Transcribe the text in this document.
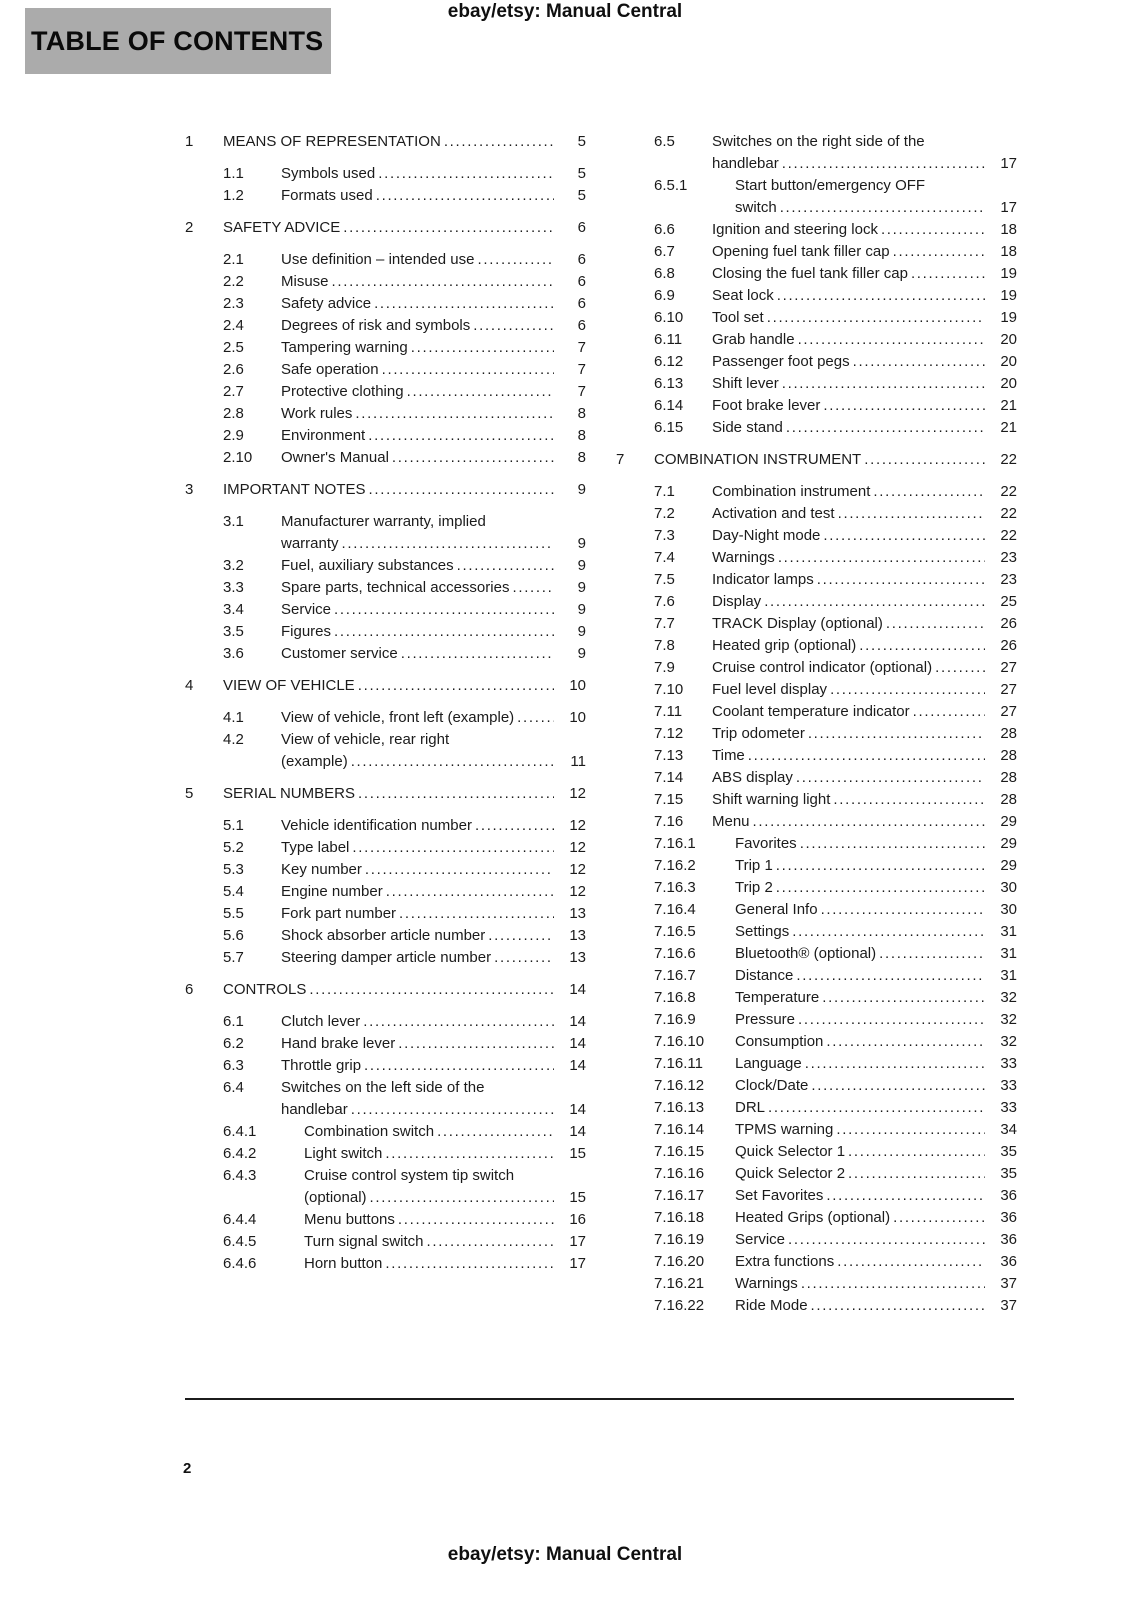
ebay/etsy: Manual Central
TABLE OF CONTENTS
1	MEANS OF REPRESENTATION .....	5
1.1	Symbols used .....	5
1.2	Formats used .....	5
2	SAFETY ADVICE .....	6
2.1	Use definition – intended use .....	6
2.2	Misuse .....	6
2.3	Safety advice .....	6
2.4	Degrees of risk and symbols .....	6
2.5	Tampering warning .....	7
2.6	Safe operation .....	7
2.7	Protective clothing .....	7
2.8	Work rules .....	8
2.9	Environment .....	8
2.10	Owner's Manual .....	8
3	IMPORTANT NOTES .....	9
3.1	Manufacturer warranty, implied
warranty .....	9
3.2	Fuel, auxiliary substances .....	9
3.3	Spare parts, technical accessories .....	9
3.4	Service .....	9
3.5	Figures .....	9
3.6	Customer service .....	9
4	VIEW OF VEHICLE .....	10
4.1	View of vehicle, front left (example) .....	10
4.2	View of vehicle, rear right
(example) .....	11
5	SERIAL NUMBERS .....	12
5.1	Vehicle identification number .....	12
5.2	Type label .....	12
5.3	Key number .....	12
5.4	Engine number .....	12
5.5	Fork part number .....	13
5.6	Shock absorber article number .....	13
5.7	Steering damper article number .....	13
6	CONTROLS .....	14
6.1	Clutch lever .....	14
6.2	Hand brake lever .....	14
6.3	Throttle grip .....	14
6.4	Switches on the left side of the
handlebar .....	14
6.4.1	Combination switch .....	14
6.4.2	Light switch .....	15
6.4.3	Cruise control system tip switch
(optional) .....	15
6.4.4	Menu buttons .....	16
6.4.5	Turn signal switch .....	17
6.4.6	Horn button .....	17
6.5	Switches on the right side of the
handlebar .....	17
6.5.1	Start button/emergency OFF
switch .....	17
6.6	Ignition and steering lock .....	18
6.7	Opening fuel tank filler cap .....	18
6.8	Closing the fuel tank filler cap .....	19
6.9	Seat lock .....	19
6.10	Tool set .....	19
6.11	Grab handle .....	20
6.12	Passenger foot pegs .....	20
6.13	Shift lever .....	20
6.14	Foot brake lever .....	21
6.15	Side stand .....	21
7	COMBINATION INSTRUMENT .....	22
7.1	Combination instrument .....	22
7.2	Activation and test .....	22
7.3	Day-Night mode .....	22
7.4	Warnings .....	23
7.5	Indicator lamps .....	23
7.6	Display .....	25
7.7	TRACK Display (optional) .....	26
7.8	Heated grip (optional) .....	26
7.9	Cruise control indicator (optional) .....	27
7.10	Fuel level display .....	27
7.11	Coolant temperature indicator .....	27
7.12	Trip odometer .....	28
7.13	Time .....	28
7.14	ABS display .....	28
7.15	Shift warning light .....	28
7.16	Menu .....	29
7.16.1	Favorites .....	29
7.16.2	Trip 1 .....	29
7.16.3	Trip 2 .....	30
7.16.4	General Info .....	30
7.16.5	Settings .....	31
7.16.6	Bluetooth® (optional) .....	31
7.16.7	Distance .....	31
7.16.8	Temperature .....	32
7.16.9	Pressure .....	32
7.16.10	Consumption .....	32
7.16.11	Language .....	33
7.16.12	Clock/Date .....	33
7.16.13	DRL .....	33
7.16.14	TPMS warning .....	34
7.16.15	Quick Selector 1 .....	35
7.16.16	Quick Selector 2 .....	35
7.16.17	Set Favorites .....	36
7.16.18	Heated Grips (optional) .....	36
7.16.19	Service .....	36
7.16.20	Extra functions .....	36
7.16.21	Warnings .....	37
7.16.22	Ride Mode .....	37
2
ebay/etsy: Manual Central
